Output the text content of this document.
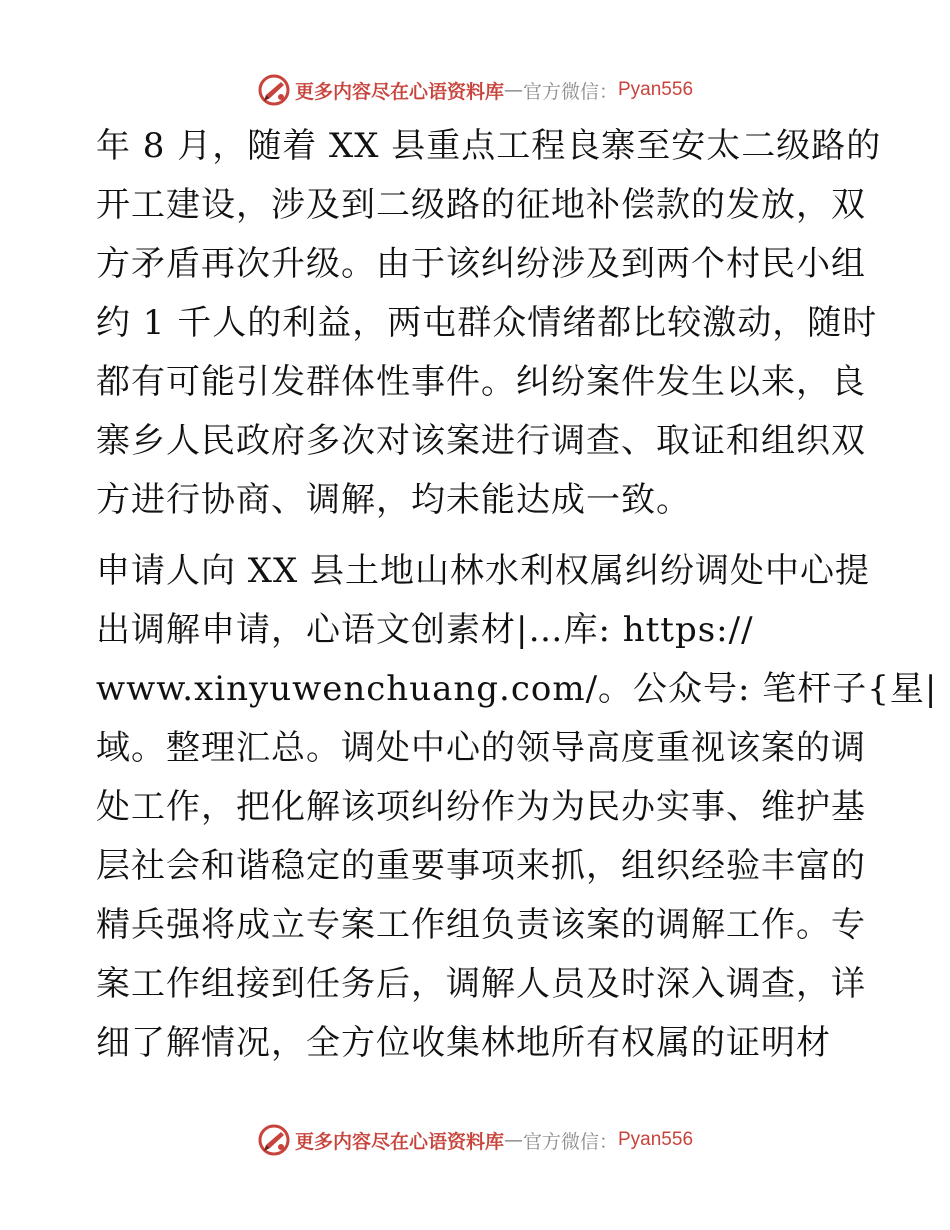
更多内容尽在心语资料库 — 官方微信： Pyan556
年 8 月，随着 XX 县重点工程良寨至安太二级路的
开工建设，涉及到二级路的征地补偿款的发放，双
方矛盾再次升级。由于该纠纷涉及到两个村民小组
约 1 千人的利益，两屯群众情绪都比较激动，随时
都有可能引发群体性事件。纠纷案件发生以来，良
寨乡人民政府多次对该案进行调查、取证和组织双
方进行协商、调解，均未能达成一致。
申请人向 XX 县土地山林水利权属纠纷调处中心提
出调解申请，心语文创素材|…库: https://
www.xinyuwenchuang.com/。公众号: 笔杆子{星|
域。整理汇总。调处中心的领导高度重视该案的调
处工作，把化解该项纠纷作为为民办实事、维护基
层社会和谐稳定的重要事项来抓，组织经验丰富的
精兵强将成立专案工作组负责该案的调解工作。专
案工作组接到任务后，调解人员及时深入调查，详
细了解情况，全方位收集林地所有权属的证明材
更多内容尽在心语资料库 — 官方微信： Pyan556
